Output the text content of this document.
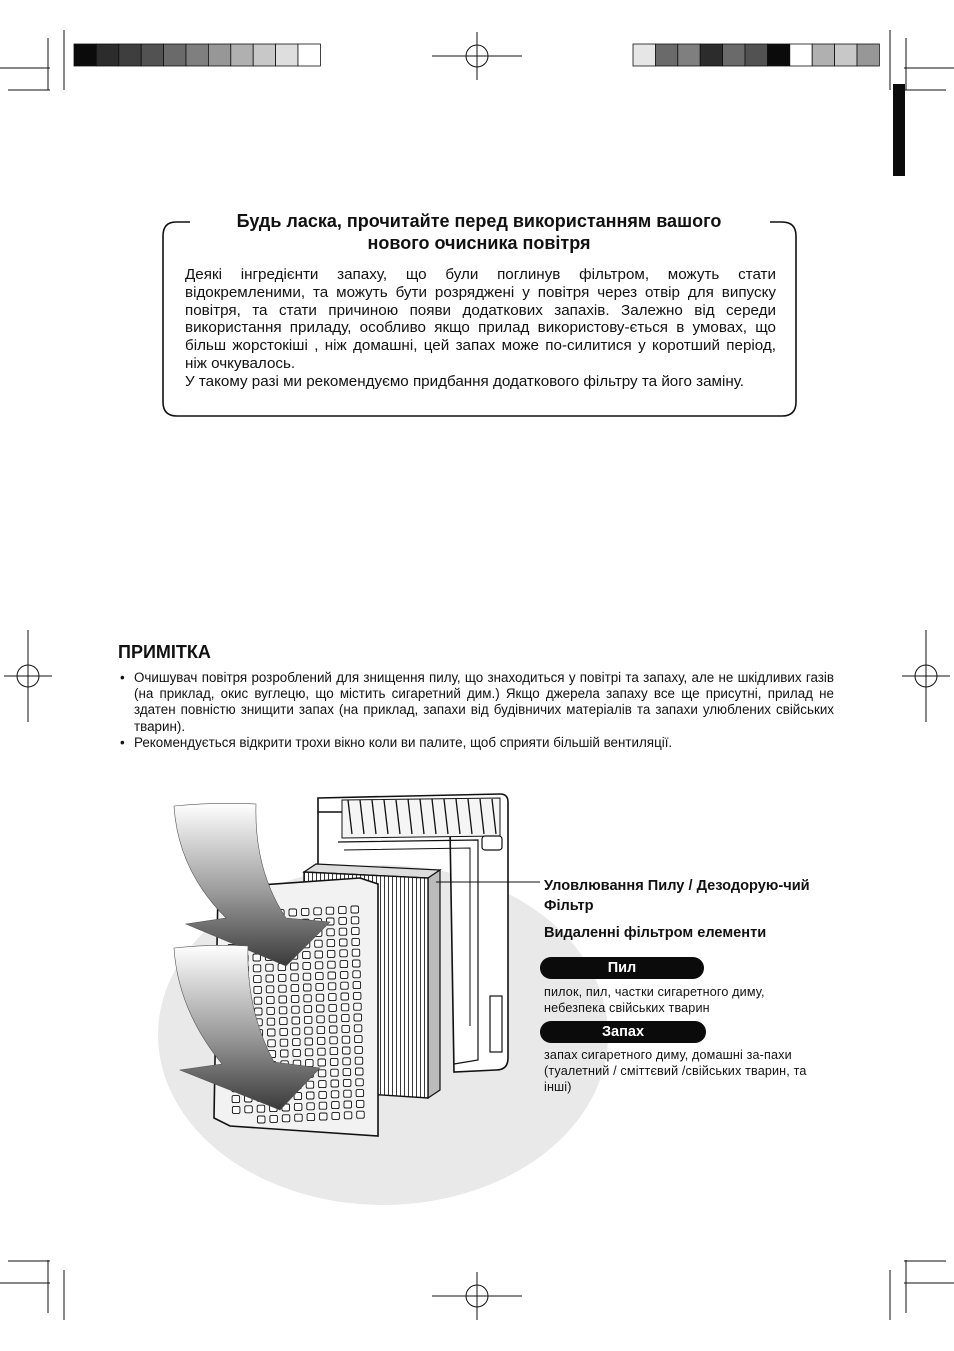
Будь ласка, прочитайте перед використанням вашого
нового очисника повітря

Деякі інгредієнти запаху, що були поглинув фільтром, можуть стати відокремленими, та можуть бути розряджені у повітря через отвір для випуску повітря, та стати причиною появи додаткових запахів. Залежно від середи використання приладу, особливо якщо прилад використову-ється в умовах, що більш жорстокіші , ніж домашні, цей запах може по-силитися у коротший період, ніж очкувалось.

У такому разі ми рекомендуємо придбання додаткового фільтру та його заміну.

ПРИМІТКА
• Очишувач повітря розроблений для знищення пилу, що знаходиться у повітрі та запаху, але не шкідливих газів (на приклад, окис вуглецю, що містить сигаретний дим.) Якщо джерела запаху все ще присутні, прилад не здатен повністю знищити запах (на приклад, запахи від будівничих матеріалів та запахи улюблених свійських тварин).
• Рекомендується відкрити трохи вікно коли ви палите, щоб сприяти більшій вентиляції.
Уловлювання Пилу / Дезодорую-чий Фільтр
Видаленні фільтром елементи
Пил
пилок, пил, частки сигаретного диму, небезпека свійських тварин
Запах
запах сигаретного диму, домашні за-пахи (туалетний / сміттєвий /свійських тварин, та інші)
